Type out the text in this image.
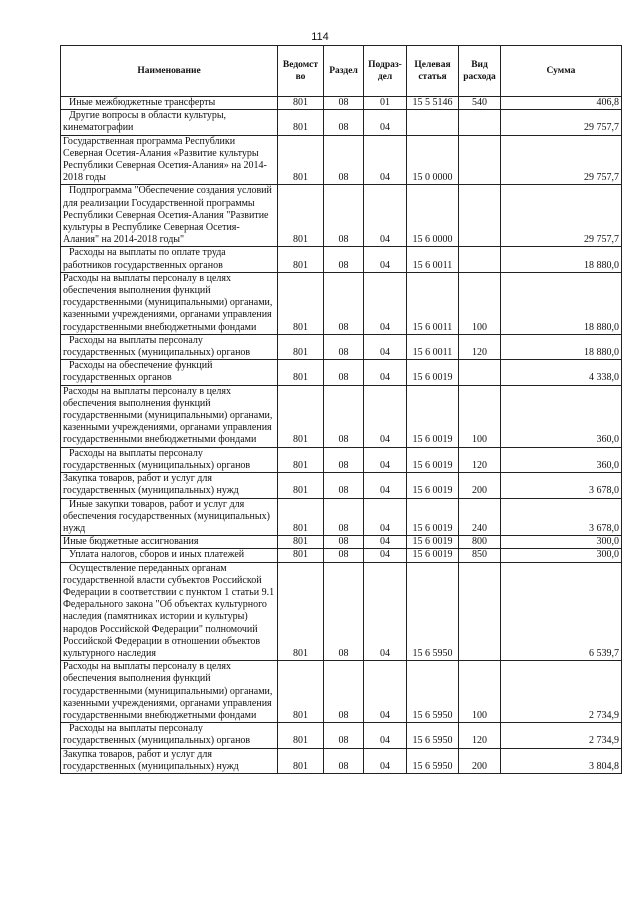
114
Наименование	Ведомст во	Раздел	Подраз- дел	Целевая статья	Вид расхода	Сумма
Иные межбюджетные трансферты	801	08	01	15 5 5146	540	406,8
Другие вопросы в области культуры, кинематографии	801	08	04			29 757,7
Государственная программа Республики Северная Осетия-Алания «Развитие культуры Республики Северная Осетия-Алания» на 2014-2018 годы	801	08	04	15 0 0000		29 757,7
Подпрограмма "Обеспечение создания условий для реализации Государственной программы Республики Северная Осетия-Алания "Развитие культуры в Республике Северная Осетия-Алания" на 2014-2018 годы"	801	08	04	15 6 0000		29 757,7
Расходы на выплаты по оплате труда работников государственных органов	801	08	04	15 6 0011		18 880,0
Расходы на выплаты персоналу в целях обеспечения выполнения функций государственными (муниципальными) органами, казенными учреждениями, органами управления государственными внебюджетными фондами	801	08	04	15 6 0011	100	18 880,0
Расходы на выплаты персоналу государственных (муниципальных) органов	801	08	04	15 6 0011	120	18 880,0
Расходы на обеспечение функций государственных органов	801	08	04	15 6 0019		4 338,0
Расходы на выплаты персоналу в целях обеспечения выполнения функций государственными (муниципальными) органами, казенными учреждениями, органами управления государственными внебюджетными фондами	801	08	04	15 6 0019	100	360,0
Расходы на выплаты персоналу государственных (муниципальных) органов	801	08	04	15 6 0019	120	360,0
Закупка товаров, работ и услуг для государственных (муниципальных) нужд	801	08	04	15 6 0019	200	3 678,0
Иные закупки товаров, работ и услуг для обеспечения государственных (муниципальных) нужд	801	08	04	15 6 0019	240	3 678,0
Иные бюджетные ассигнования	801	08	04	15 6 0019	800	300,0
Уплата налогов, сборов и иных платежей	801	08	04	15 6 0019	850	300,0
Осуществление переданных органам государственной власти субъектов Российской Федерации в соответствии с пунктом 1 статьи 9.1 Федерального закона "Об объектах культурного наследия (памятниках истории и культуры) народов Российской Федерации" полномочий Российской Федерации в отношении объектов культурного наследия	801	08	04	15 6 5950		6 539,7
Расходы на выплаты персоналу в целях обеспечения выполнения функций государственными (муниципальными) органами, казенными учреждениями, органами управления государственными внебюджетными фондами	801	08	04	15 6 5950	100	2 734,9
Расходы на выплаты персоналу государственных (муниципальных) органов	801	08	04	15 6 5950	120	2 734,9
Закупка товаров, работ и услуг для государственных (муниципальных) нужд	801	08	04	15 6 5950	200	3 804,8
